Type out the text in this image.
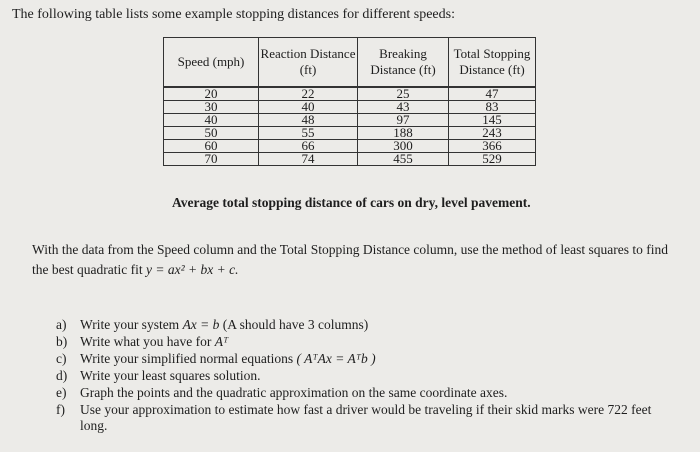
The following table lists some example stopping distances for different speeds:
Speed (mph)	Reaction Distance (ft)	Breaking Distance (ft)	Total Stopping Distance (ft)
20	22	25	47
30	40	43	83
40	48	97	145
50	55	188	243
60	66	300	366
70	74	455	529
Average total stopping distance of cars on dry, level pavement.
With the data from the Speed column and the Total Stopping Distance column, use the method of least squares to find the best quadratic fit y = ax² + bx + c.
a) Write your system Ax = b (A should have 3 columns)
b) Write what you have for Aᵀ
c) Write your simplified normal equations ( AᵀAx = Aᵀb )
d) Write your least squares solution.
e) Graph the points and the quadratic approximation on the same coordinate axes.
f) Use your approximation to estimate how fast a driver would be traveling if their skid marks were 722 feet long.
